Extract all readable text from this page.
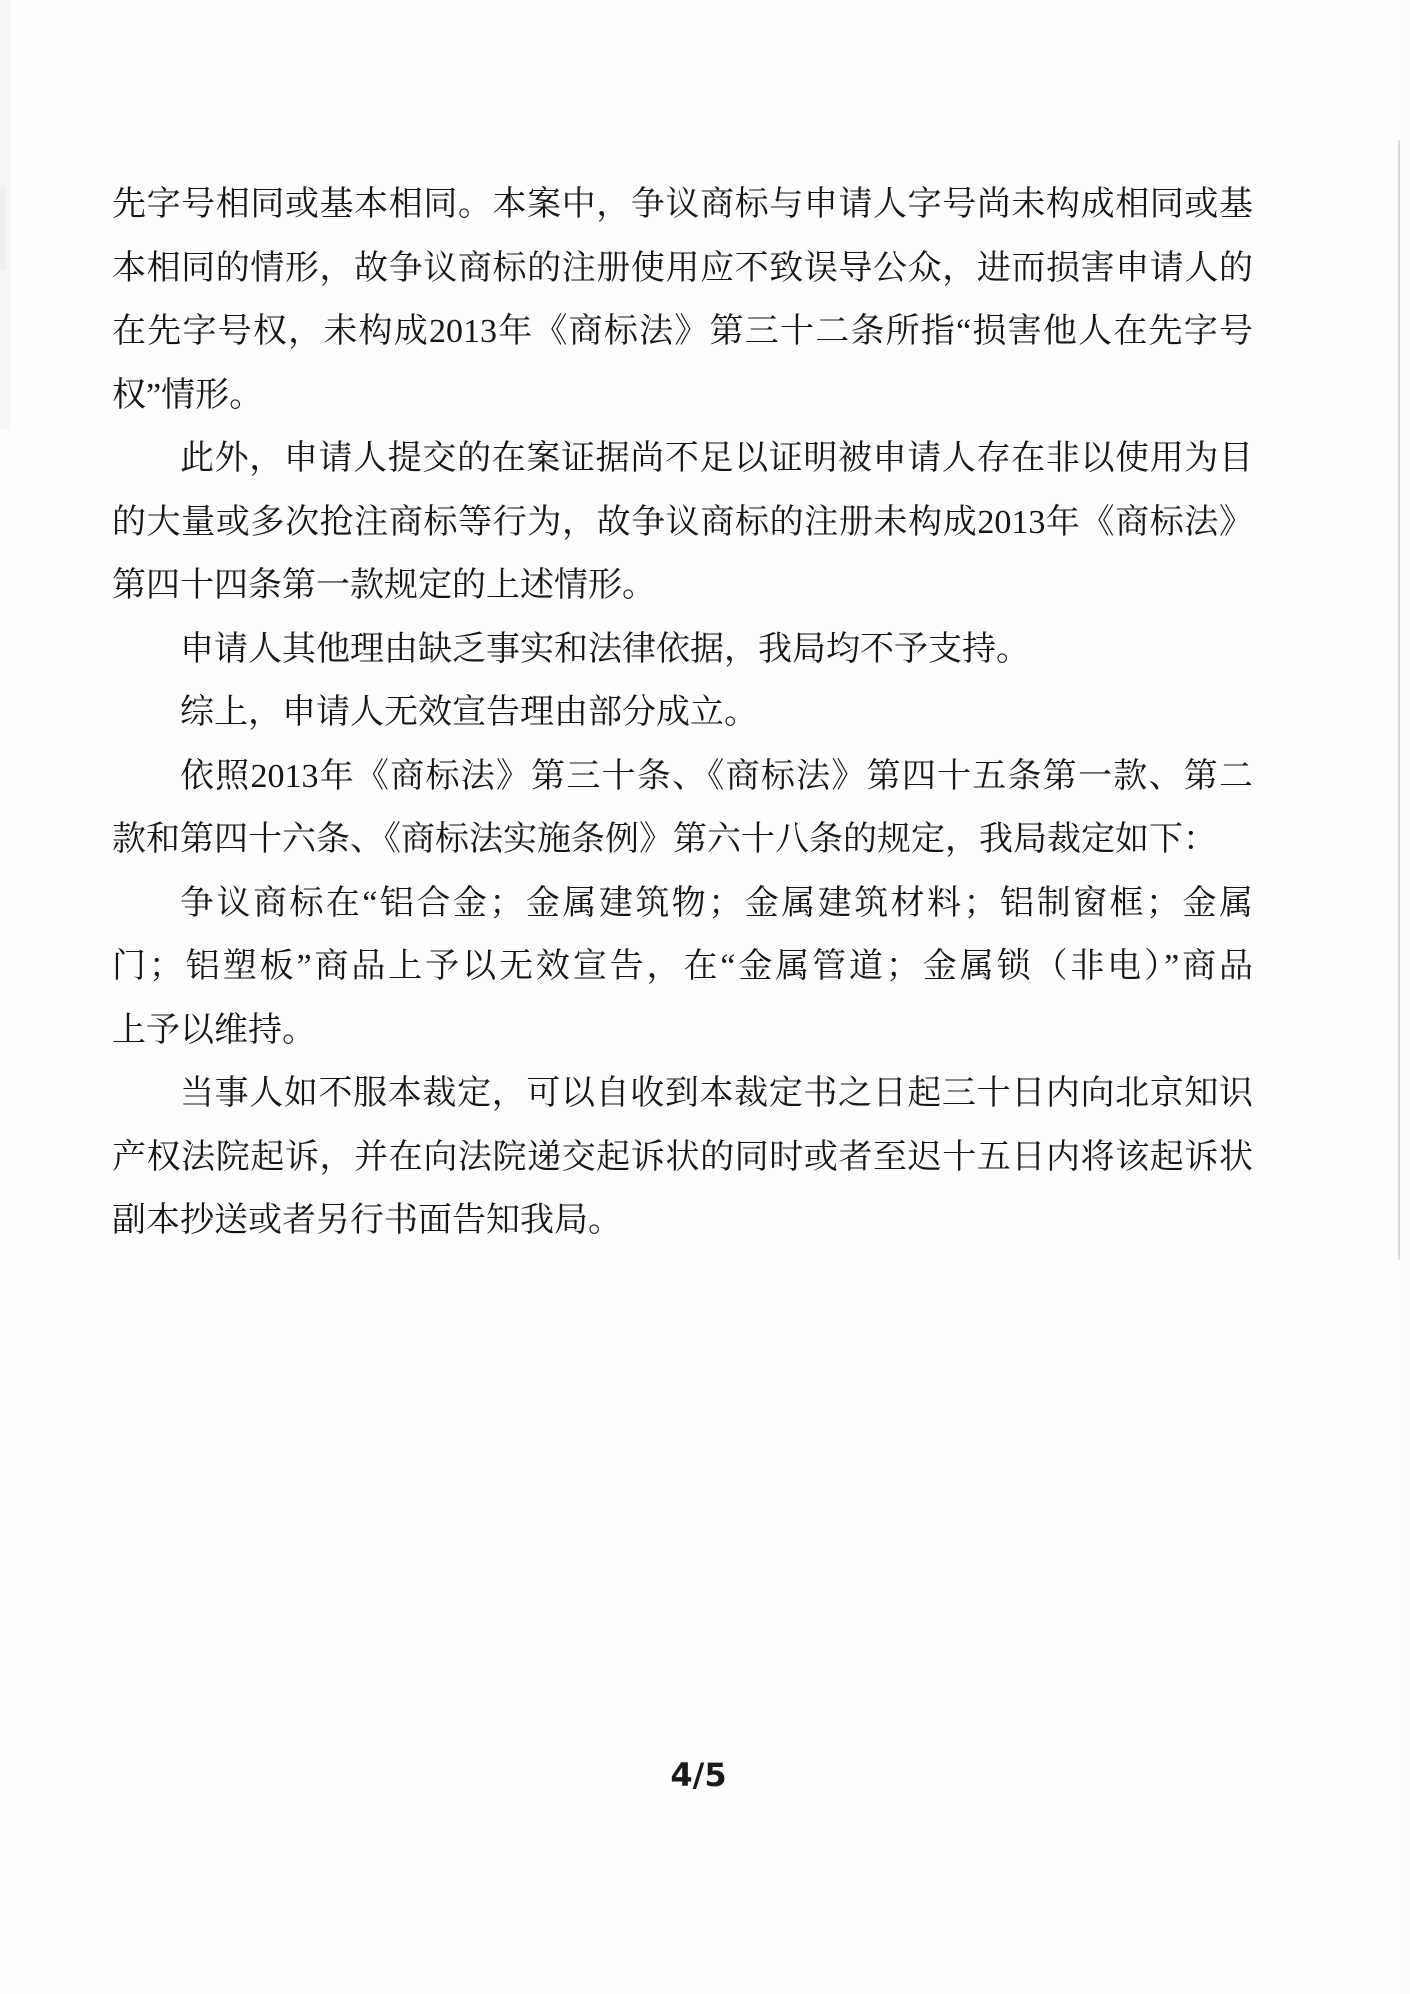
先字号相同或基本相同。本案中，争议商标与申请人字号尚未构成相同或基
本相同的情形，故争议商标的注册使用应不致误导公众，进而损害申请人的
在先字号权，未构成2013年《商标法》第三十二条所指“损害他人在先字号
权”情形。
此外，申请人提交的在案证据尚不足以证明被申请人存在非以使用为目
的大量或多次抢注商标等行为，故争议商标的注册未构成2013年《商标法》
第四十四条第一款规定的上述情形。
申请人其他理由缺乏事实和法律依据，我局均不予支持。
综上，申请人无效宣告理由部分成立。
依照2013年《商标法》第三十条、《商标法》第四十五条第一款、第二
款和第四十六条、《商标法实施条例》第六十八条的规定，我局裁定如下：
争议商标在“铝合金；金属建筑物；金属建筑材料；铝制窗框；金属
门；铝塑板”商品上予以无效宣告，在“金属管道；金属锁（非电）”商品
上予以维持。
当事人如不服本裁定，可以自收到本裁定书之日起三十日内向北京知识
产权法院起诉，并在向法院递交起诉状的同时或者至迟十五日内将该起诉状
副本抄送或者另行书面告知我局。
4/5
